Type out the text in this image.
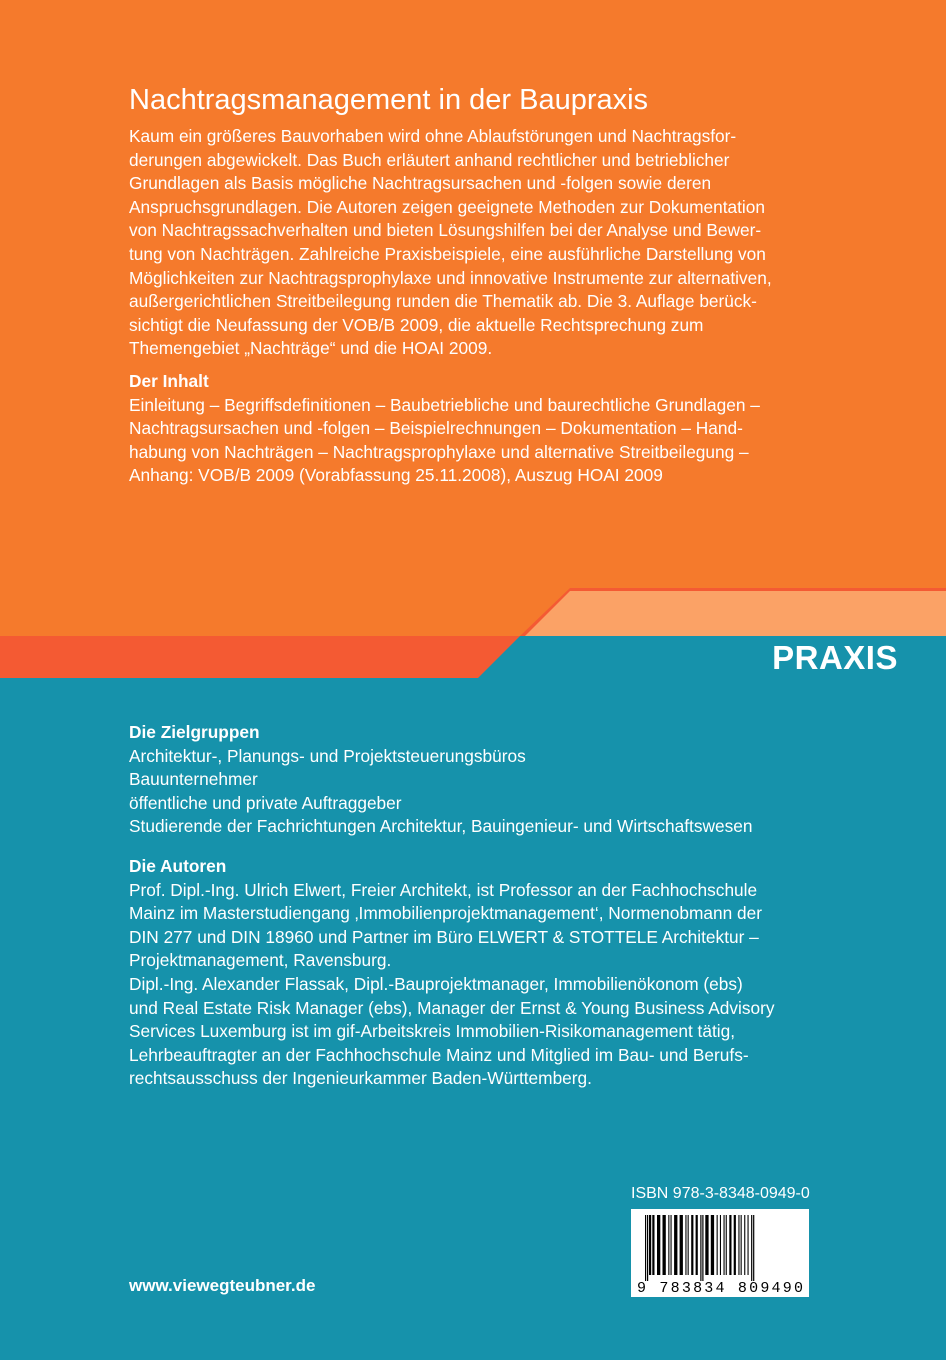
PRAXIS
Nachtragsmanagement in der Baupraxis

Kaum ein größeres Bauvorhaben wird ohne Ablaufstörungen und Nachtragsfor-

derungen abgewickelt. Das Buch erläutert anhand rechtlicher und betrieblicher

Grundlagen als Basis mögliche Nachtragsursachen und -folgen sowie deren

Anspruchsgrundlagen. Die Autoren zeigen geeignete Methoden zur Dokumentation

von Nachtragssachverhalten und bieten Lösungshilfen bei der Analyse und Bewer-

tung von Nachträgen. Zahlreiche Praxisbeispiele, eine ausführliche Darstellung von

Möglichkeiten zur Nachtragsprophylaxe und innovative Instrumente zur alternativen,

außergerichtlichen Streitbeilegung runden die Thematik ab. Die 3. Auflage berück-

sichtigt die Neufassung der VOB/B 2009, die aktuelle Rechtsprechung zum

Themengebiet „Nachträge“ und die HOAI 2009.

Der Inhalt

Einleitung – Begriffsdefinitionen – Baubetriebliche und baurechtliche Grundlagen –

Nachtragsursachen und -folgen – Beispielrechnungen – Dokumentation – Hand-

habung von Nachträgen – Nachtragsprophylaxe und alternative Streitbeilegung –

Anhang: VOB/B 2009 (Vorabfassung 25.11.2008), Auszug HOAI 2009

Die Zielgruppen

Architektur-, Planungs- und Projektsteuerungsbüros

Bauunternehmer

öffentliche und private Auftraggeber

Studierende der Fachrichtungen Architektur, Bauingenieur- und Wirtschaftswesen

Die Autoren

Prof. Dipl.-Ing. Ulrich Elwert, Freier Architekt, ist Professor an der Fachhochschule

Mainz im Masterstudiengang ‚Immobilienprojektmanagement‘, Normenobmann der

DIN 277 und DIN 18960 und Partner im Büro ELWERT & STOTTELE Architektur –

Projektmanagement, Ravensburg.

Dipl.-Ing. Alexander Flassak, Dipl.-Bauprojektmanager, Immobilienökonom (ebs)

und Real Estate Risk Manager (ebs), Manager der Ernst & Young Business Advisory

Services Luxemburg ist im gif-Arbeitskreis Immobilien-Risikomanagement tätig,

Lehrbeauftragter an der Fachhochschule Mainz und Mitglied im Bau- und Berufs-

rechtsausschuss der Ingenieurkammer Baden-Württemberg.

ISBN 978-3-8348-0949-0
9 783834 809490
www.viewegteubner.de
